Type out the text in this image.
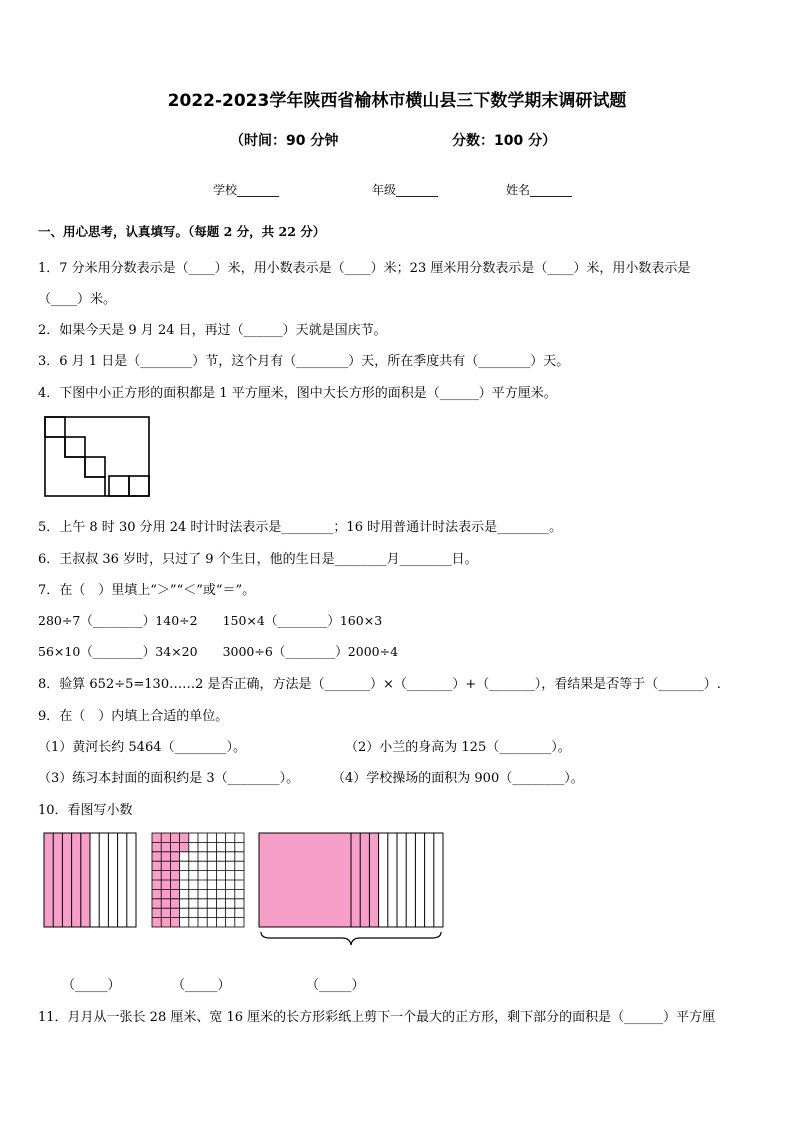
2022-2023学年陕西省榆林市横山县三下数学期末调研试题
（时间：90 分钟	分数：100 分）
学校_______	年级_______	姓名_______
一、用心思考，认真填写。（每题 2 分，共 22 分）
1．7 分米用分数表示是（____）米，用小数表示是（____）米；23 厘米用分数表示是（____）米，用小数表示是
（____）米。
2．如果今天是 9 月 24 日，再过（______）天就是国庆节。
3．6 月 1 日是（________）节，这个月有（________）天，所在季度共有（________）天。
4．下图中小正方形的面积都是 1 平方厘米，图中大长方形的面积是（______）平方厘米。
5．上午 8 时 30 分用 24 时计时法表示是________；16 时用普通计时法表示是________。
6．王叔叔 36 岁时，只过了 9 个生日，他的生日是________月________日。
7．在（　）里填上“＞”“＜”或“＝”。
280÷7（________）140÷2　　150×4（________）160×3
56×10（________）34×20　　3000÷6（________）2000÷4
8．验算 652÷5=130……2 是否正确，方法是（_______）×（_______）+（_______），看结果是否等于（_______）.
9．在（　）内填上合适的单位。
（1）黄河长约 5464（________）。	（2）小兰的身高为 125（________）。
（3）练习本封面的面积约是 3（________）。	（4）学校操场的面积为 900（________）。
10．看图写小数
（_____）	（_____）	（_____）
11．月月从一张长 28 厘米、宽 16 厘米的长方形彩纸上剪下一个最大的正方形，剩下部分的面积是（______）平方厘
